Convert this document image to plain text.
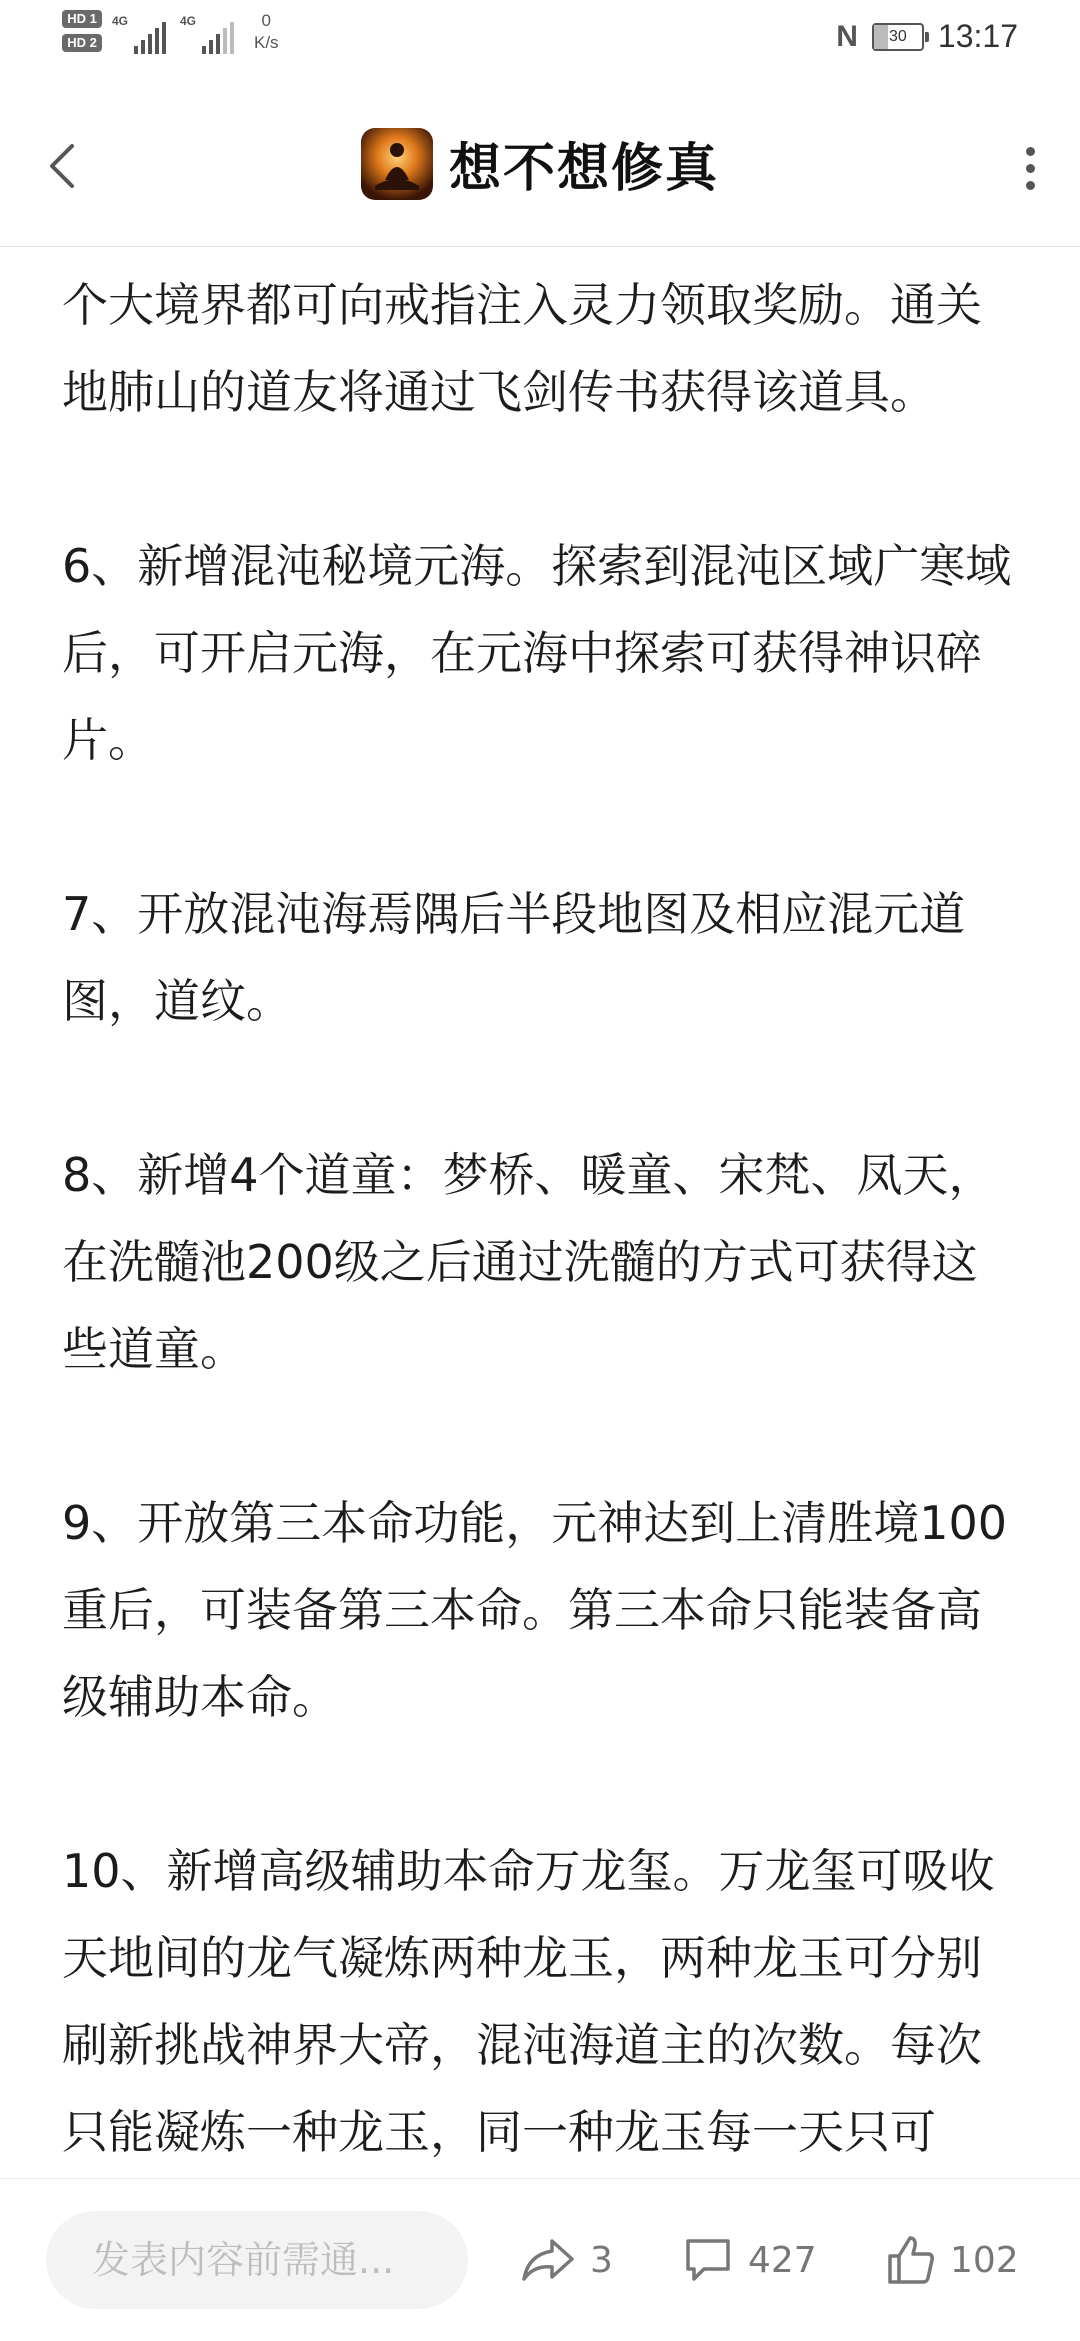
HD 1
HD 2
4G	4G	0
K/s	N	30 13:17
想不想修真

个大境界都可向戒指注入灵力领取奖励。通关地肺山的道友将通过飞剑传书获得该道具。

6、新增混沌秘境元海。探索到混沌区域广寒域后，可开启元海，在元海中探索可获得神识碎片。

7、开放混沌海焉隅后半段地图及相应混元道图，道纹。

8、新增4个道童：梦桥、暖童、宋梵、凤天，在洗髓池200级之后通过洗髓的方式可获得这些道童。

9、开放第三本命功能，元神达到上清胜境100重后，可装备第三本命。第三本命只能装备高级辅助本命。

10、新增高级辅助本命万龙玺。万龙玺可吸收天地间的龙气凝炼两种龙玉，两种龙玉可分别刷新挑战神界大帝，混沌海道主的次数。每次只能凝炼一种龙玉，同一种龙玉每一天只可

发表内容前需通...	3	427	102
